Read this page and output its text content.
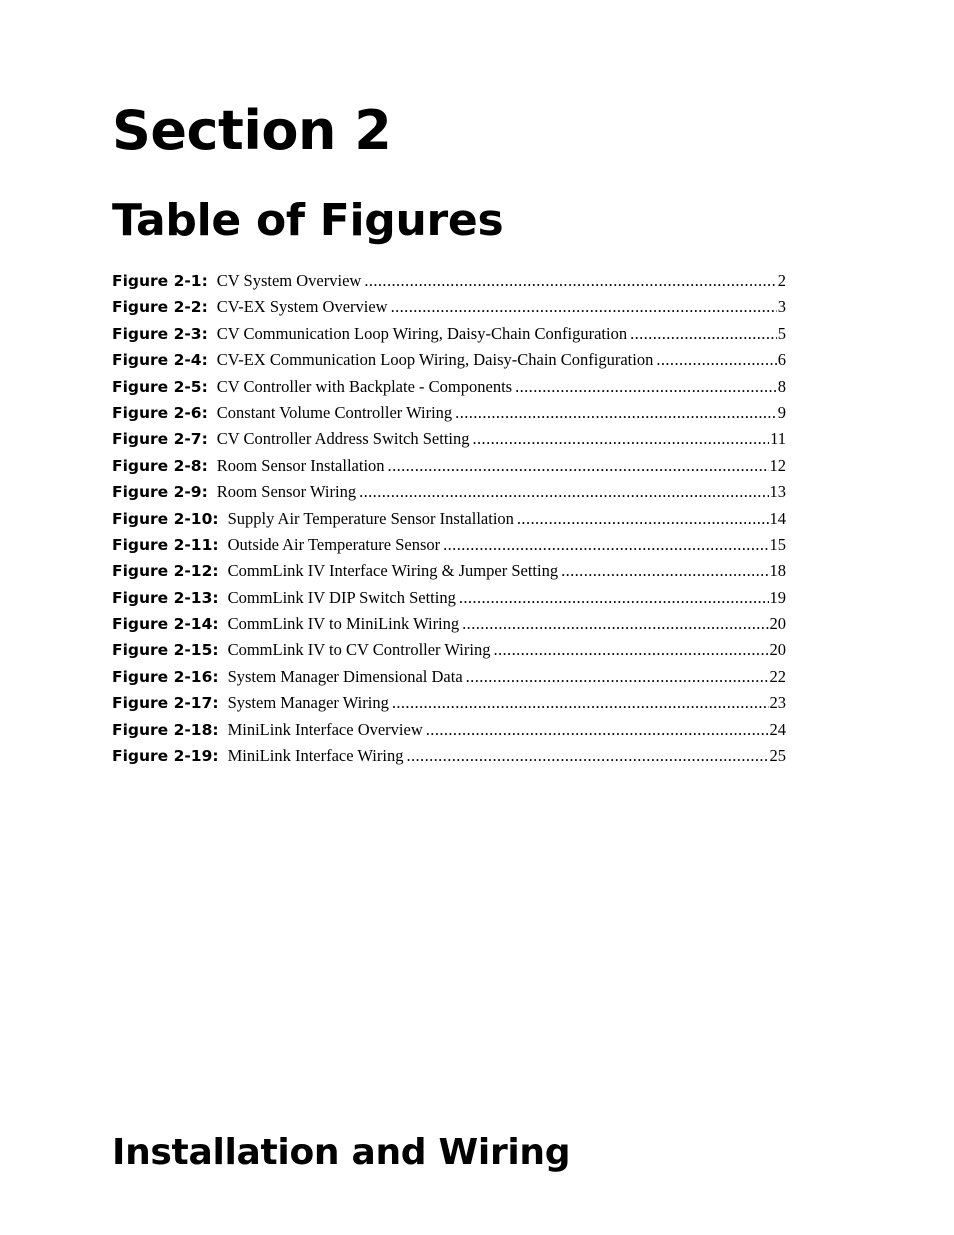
Section 2
Table of Figures
Figure 2-1: CV System Overview .....	2
Figure 2-2: CV-EX System Overview .....	3
Figure 2-3: CV Communication Loop Wiring, Daisy-Chain Configuration .....	5
Figure 2-4: CV-EX Communication Loop Wiring, Daisy-Chain Configuration .....	6
Figure 2-5: CV Controller with Backplate - Components .....	8
Figure 2-6: Constant Volume Controller Wiring .....	9
Figure 2-7: CV Controller Address Switch Setting .....	11
Figure 2-8: Room Sensor Installation .....	12
Figure 2-9: Room Sensor Wiring .....	13
Figure 2-10: Supply Air Temperature Sensor Installation .....	14
Figure 2-11: Outside Air Temperature Sensor .....	15
Figure 2-12: CommLink IV Interface Wiring & Jumper Setting .....	18
Figure 2-13: CommLink IV DIP Switch Setting .....	19
Figure 2-14: CommLink IV to MiniLink Wiring .....	20
Figure 2-15: CommLink IV to CV Controller Wiring .....	20
Figure 2-16: System Manager Dimensional Data .....	22
Figure 2-17: System Manager Wiring .....	23
Figure 2-18: MiniLink Interface Overview .....	24
Figure 2-19: MiniLink Interface Wiring .....	25
Installation and Wiring
